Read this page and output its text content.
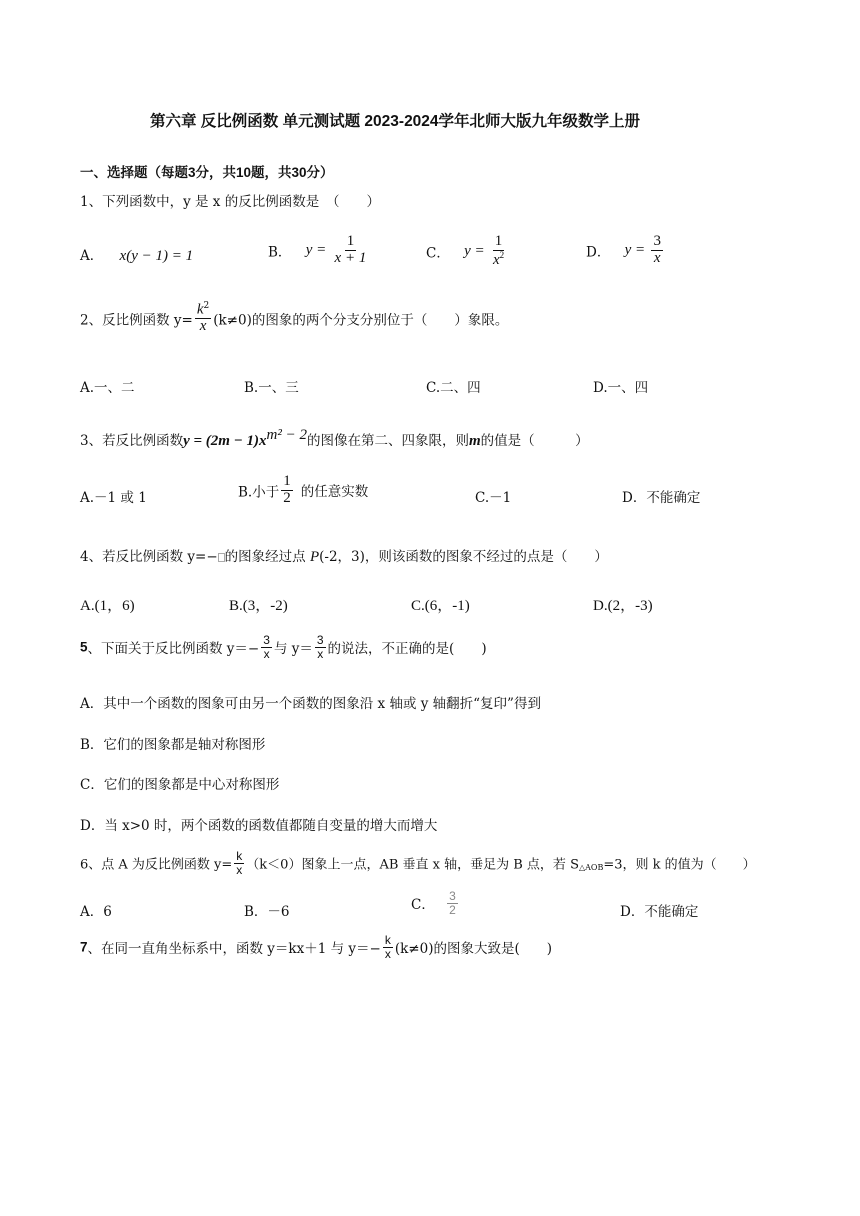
第六章 反比例函数 单元测试题 2023-2024学年北师大版九年级数学上册
一、选择题（每题3分，共10题，共30分）
1、下列函数中，y 是 x 的反比例函数是　（　　）
A． x(y − 1) = 1	B． $y = \frac{1}{x + 1}$	C． $y = \frac{1}{x^2}$	D． $y = \frac{3}{x}$
2、反比例函数 $y= \frac{k^2}{x} (k\ne 0)$的图象的两个分支分别位于（　　）象限。
A.一、二	B.一、三	C.二、四	D.一、四
3、若反比例函数$y = (2m - 1)x^{m^2 - 2}$的图像在第二、四象限，则m的值是（　　　）
A.－1 或 1	B.小于 $\frac{1}{2}$ 的任意实数	C.－1	D．不能确定
4、若反比例函数 y=− 的图象经过点 P(-2，3)，则该函数的图象不经过的点是（　　）
A.(1，6)	B.(3，-2)	C.(6，-1)	D.(2，-3)
5、下面关于反比例函数 $y=- \frac{3}{x}$ 与 $y= \frac{3}{x}$ 的说法，不正确的是(　　)
A．其中一个函数的图象可由另一个函数的图象沿 x 轴或 y 轴翻折“复印”得到
B．它们的图象都是轴对称图形
C．它们的图象都是中心对称图形
D．当 x>0 时，两个函数的函数值都随自变量的增大而增大
6、点 A 为反比例函数 $y= \frac{k}{x} (k<0)$图象上一点，AB 垂直 x 轴，垂足为 B 点，若 $S_{\triangle AOB}=3$，则 k 的值为（　　）
A．6	B．－6	C． $\frac{3}{2}$	D．不能确定
7、在同一直角坐标系中，函数 y＝kx＋1 与 $y=- \frac{k}{x} (k\ne 0)$的图象大致是(　　)
